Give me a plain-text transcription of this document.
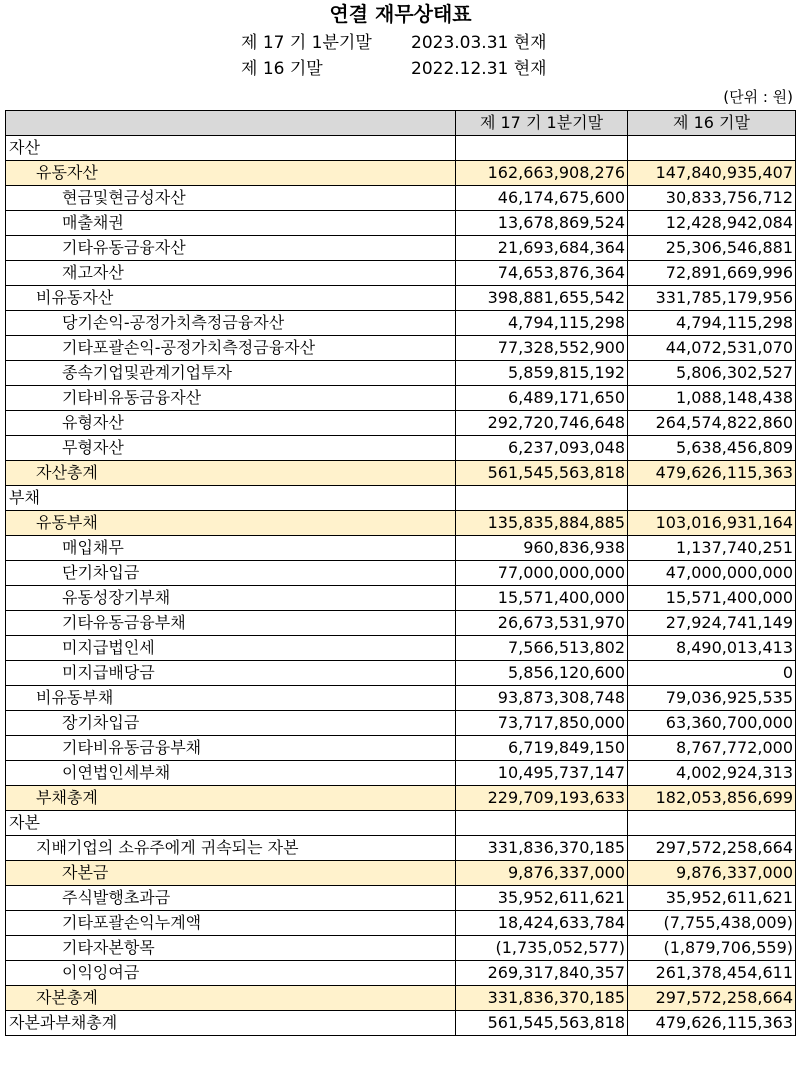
연결 재무상태표
제 17 기 1분기말 2023.03.31 현재
제 16 기말	2022.12.31 현재
(단위 : 원)
	제 17 기 1분기말	제 16 기말
자산		
유동자산	162,663,908,276	147,840,935,407
현금및현금성자산	46,174,675,600	30,833,756,712
매출채권	13,678,869,524	12,428,942,084
기타유동금융자산	21,693,684,364	25,306,546,881
재고자산	74,653,876,364	72,891,669,996
비유동자산	398,881,655,542	331,785,179,956
당기손익-공정가치측정금융자산	4,794,115,298	4,794,115,298
기타포괄손익-공정가치측정금융자산	77,328,552,900	44,072,531,070
종속기업및관계기업투자	5,859,815,192	5,806,302,527
기타비유동금융자산	6,489,171,650	1,088,148,438
유형자산	292,720,746,648	264,574,822,860
무형자산	6,237,093,048	5,638,456,809
자산총계	561,545,563,818	479,626,115,363
부채		
유동부채	135,835,884,885	103,016,931,164
매입채무	960,836,938	1,137,740,251
단기차입금	77,000,000,000	47,000,000,000
유동성장기부채	15,571,400,000	15,571,400,000
기타유동금융부채	26,673,531,970	27,924,741,149
미지급법인세	7,566,513,802	8,490,013,413
미지급배당금	5,856,120,600	0
비유동부채	93,873,308,748	79,036,925,535
장기차입금	73,717,850,000	63,360,700,000
기타비유동금융부채	6,719,849,150	8,767,772,000
이연법인세부채	10,495,737,147	4,002,924,313
부채총계	229,709,193,633	182,053,856,699
자본		
지배기업의 소유주에게 귀속되는 자본	331,836,370,185	297,572,258,664
자본금	9,876,337,000	9,876,337,000
주식발행초과금	35,952,611,621	35,952,611,621
기타포괄손익누계액	18,424,633,784	(7,755,438,009)
기타자본항목	(1,735,052,577)	(1,879,706,559)
이익잉여금	269,317,840,357	261,378,454,611
자본총계	331,836,370,185	297,572,258,664
자본과부채총계	561,545,563,818	479,626,115,363
